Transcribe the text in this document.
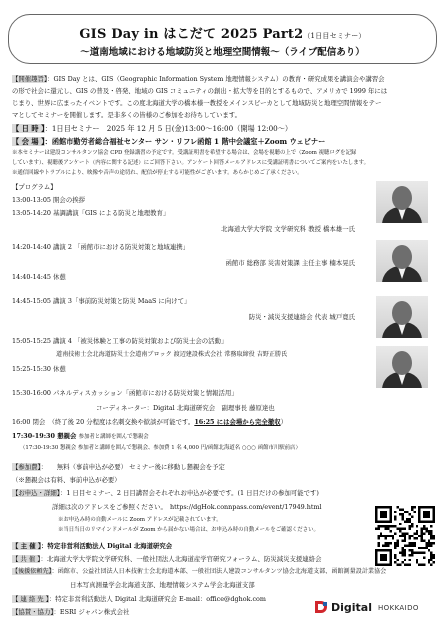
GIS Day in はこだて 2025 Part2（1日目セミナー）
～道南地域における地域防災と地理空間情報～（ライブ配信あり）
【開催趣旨】：GIS Day とは、GIS（Geographic Information System 地理情報システム）の教育・研究成果を講演会や講習会
の形で社会に還元し、GIS の普及・啓発、地域の GIS コミュニティの創出・拡大等を目的とするもので、アメリカで 1999 年には
じまり、世界に広まったイベントです。この度北海道大学の橋本様一教授をメインスピーカとして地域防災と地理空間情報をテー
マとしてセミナーを開催します。是非多くの皆様のご参加をお待ちしています。
【 日 時 】：1日目セミナー　2025 年 12 月 5 日(金)13:00～16:00（開場 12:00～）
【 会 場 】：函館市勤労者総合福祉センター サン・リフレ函館 1 階中会議室＋Zoom ウェビナー
※本セミナーは建設コンサルタンツ協会 CPD 登録講習の予定です。受講証明書を希望する場合は、会場を視聴の上で（Zoom 視聴ログを記録
しています）、視聴後アンケート（内容に関する記述）にご回答下さい。アンケート回答メールアドレスに受講証明書についてご案内をいたします。
※通信回線やトラブルにより、映像や音声の途切れ、配信が停止する可能性がございます。あらかじめご了承ください。
【プログラム】
13:00-13:05 開会の挨拶
13:05-14:20 基調講演「GIS による防災と地理教育」
北海道大学大学院 文学研究科 教授 橋本雄一氏
14:20-14:40 講演 2 「函館市における防災対策と地域連携」
函館市 総務部 災害対策課 主任主事 楠本晃氏
14:40-14:45 休憩
14:45-15:05 講演 3「事前防災対策と防災 MaaS に向けて」
防災・減災支援連絡会 代表 城戸寛氏
15:05-15:25 講演 4 「被災体験と工事の防災対策および防災士会の活動」
道南技術士会北海道防災士会道南ブロック 渡辺建設株式会社 常務取締役 吉野正勝氏
15:25-15:30 休憩
15:30-16:00 パネルディスカッション「函館市における防災対策と情報活用」
コーディネーター：Digital 北海道研究会　副理事長 藤原達也
16:00 閉会　 （終了後 20 分程度は名刺交換や歓談が可能です。16:25 には会場から完全撤収）
17:30-19:30 懇親会 参加者と講師を囲んで懇親会
（17:30-19:30 懇親会 参加者と講師を囲んで懇親会、参加費 1 名 4,000 円/函館北海道名 ○○○ 函館市川駅前店）
【参加費】：　　無料（事前申込が必要） セミナー後に移動し懇親会を予定
（※懇親会は有料、事前申込が必要）
【お申込・詳細】：1 日目セミナー、2 日目講習会それぞれお申込が必要です。(1 日目だけの参加可能です)
詳細は次のアドレスをご参照ください。　 https://dgHok.connpass.com/event/17949.html
※お申込み時の自動メールに Zoom アドレスが記載されています。
※当日当日のリマインドメールが Zoom から届かない場合は、お申込み時の自動メールをご確認ください。
【 主 催 】：特定非営利活動法人 Digital 北海道研究会
【 共 催 】：北海道大学大学院文学研究科、一般社団法人北海道産学官研究フォーラム、防災減災支援連絡会
【後援依頼先】：函館市、公益社団法人日本技術士会北海道本部、一般社団法人建設コンサルタンツ協会北海道支部、函館測量設計業協会
日本写真測量学会北海道支部、地理情報システム学会北海道支部
【 連 絡 先 】：特定非営利活動法人 Digital 北海道研究会 E-mail：office@dghok.com
【協賛・協力】：ESRI ジャパン株式会社	Digital HOKKAIDO
